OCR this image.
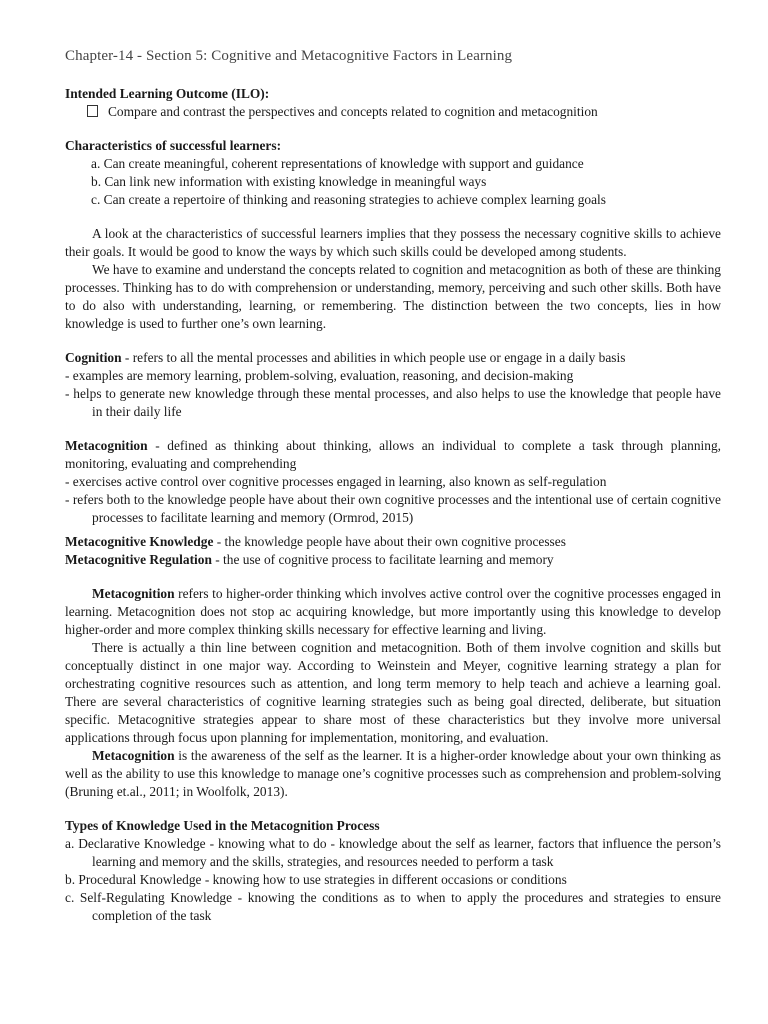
Chapter-14 - Section 5: Cognitive and Metacognitive Factors in Learning
Intended Learning Outcome (ILO):
Compare and contrast the perspectives and concepts related to cognition and metacognition
Characteristics of successful learners:
a. Can create meaningful, coherent representations of knowledge with support and guidance
b. Can link new information with existing knowledge in meaningful ways
c. Can create a repertoire of thinking and reasoning strategies to achieve complex learning goals
A look at the characteristics of successful learners implies that they possess the necessary cognitive skills to achieve their goals. It would be good to know the ways by which such skills could be developed among students.
We have to examine and understand the concepts related to cognition and metacognition as both of these are thinking processes. Thinking has to do with comprehension or understanding, memory, perceiving and such other skills. Both have to do also with understanding, learning, or remembering. The distinction between the two concepts, lies in how knowledge is used to further one’s own learning.
Cognition - refers to all the mental processes and abilities in which people use or engage in a daily basis
- examples are memory learning, problem-solving, evaluation, reasoning, and decision-making
- helps to generate new knowledge through these mental processes, and also helps to use the knowledge that people have in their daily life
Metacognition - defined as thinking about thinking, allows an individual to complete a task through planning, monitoring, evaluating and comprehending
- exercises active control over cognitive processes engaged in learning, also known as self-regulation
- refers both to the knowledge people have about their own cognitive processes and the intentional use of certain cognitive processes to facilitate learning and memory (Ormrod, 2015)
Metacognitive Knowledge - the knowledge people have about their own cognitive processes
Metacognitive Regulation - the use of cognitive process to facilitate learning and memory
Metacognition refers to higher-order thinking which involves active control over the cognitive processes engaged in learning. Metacognition does not stop ac acquiring knowledge, but more importantly using this knowledge to develop higher-order and more complex thinking skills necessary for effective learning and living.
There is actually a thin line between cognition and metacognition. Both of them involve cognition and skills but conceptually distinct in one major way. According to Weinstein and Meyer, cognitive learning strategy a plan for orchestrating cognitive resources such as attention, and long term memory to help teach and achieve a learning goal. There are several characteristics of cognitive learning strategies such as being goal directed, deliberate, but situation specific. Metacognitive strategies appear to share most of these characteristics but they involve more universal applications through focus upon planning for implementation, monitoring, and evaluation.
Metacognition is the awareness of the self as the learner. It is a higher-order knowledge about your own thinking as well as the ability to use this knowledge to manage one’s cognitive processes such as comprehension and problem-solving (Bruning et.al., 2011; in Woolfolk, 2013).
Types of Knowledge Used in the Metacognition Process
a. Declarative Knowledge - knowing what to do - knowledge about the self as learner, factors that influence the person’s learning and memory and the skills, strategies, and resources needed to perform a task
b. Procedural Knowledge - knowing how to use strategies in different occasions or conditions
c. Self-Regulating Knowledge - knowing the conditions as to when to apply the procedures and strategies to ensure completion of the task
